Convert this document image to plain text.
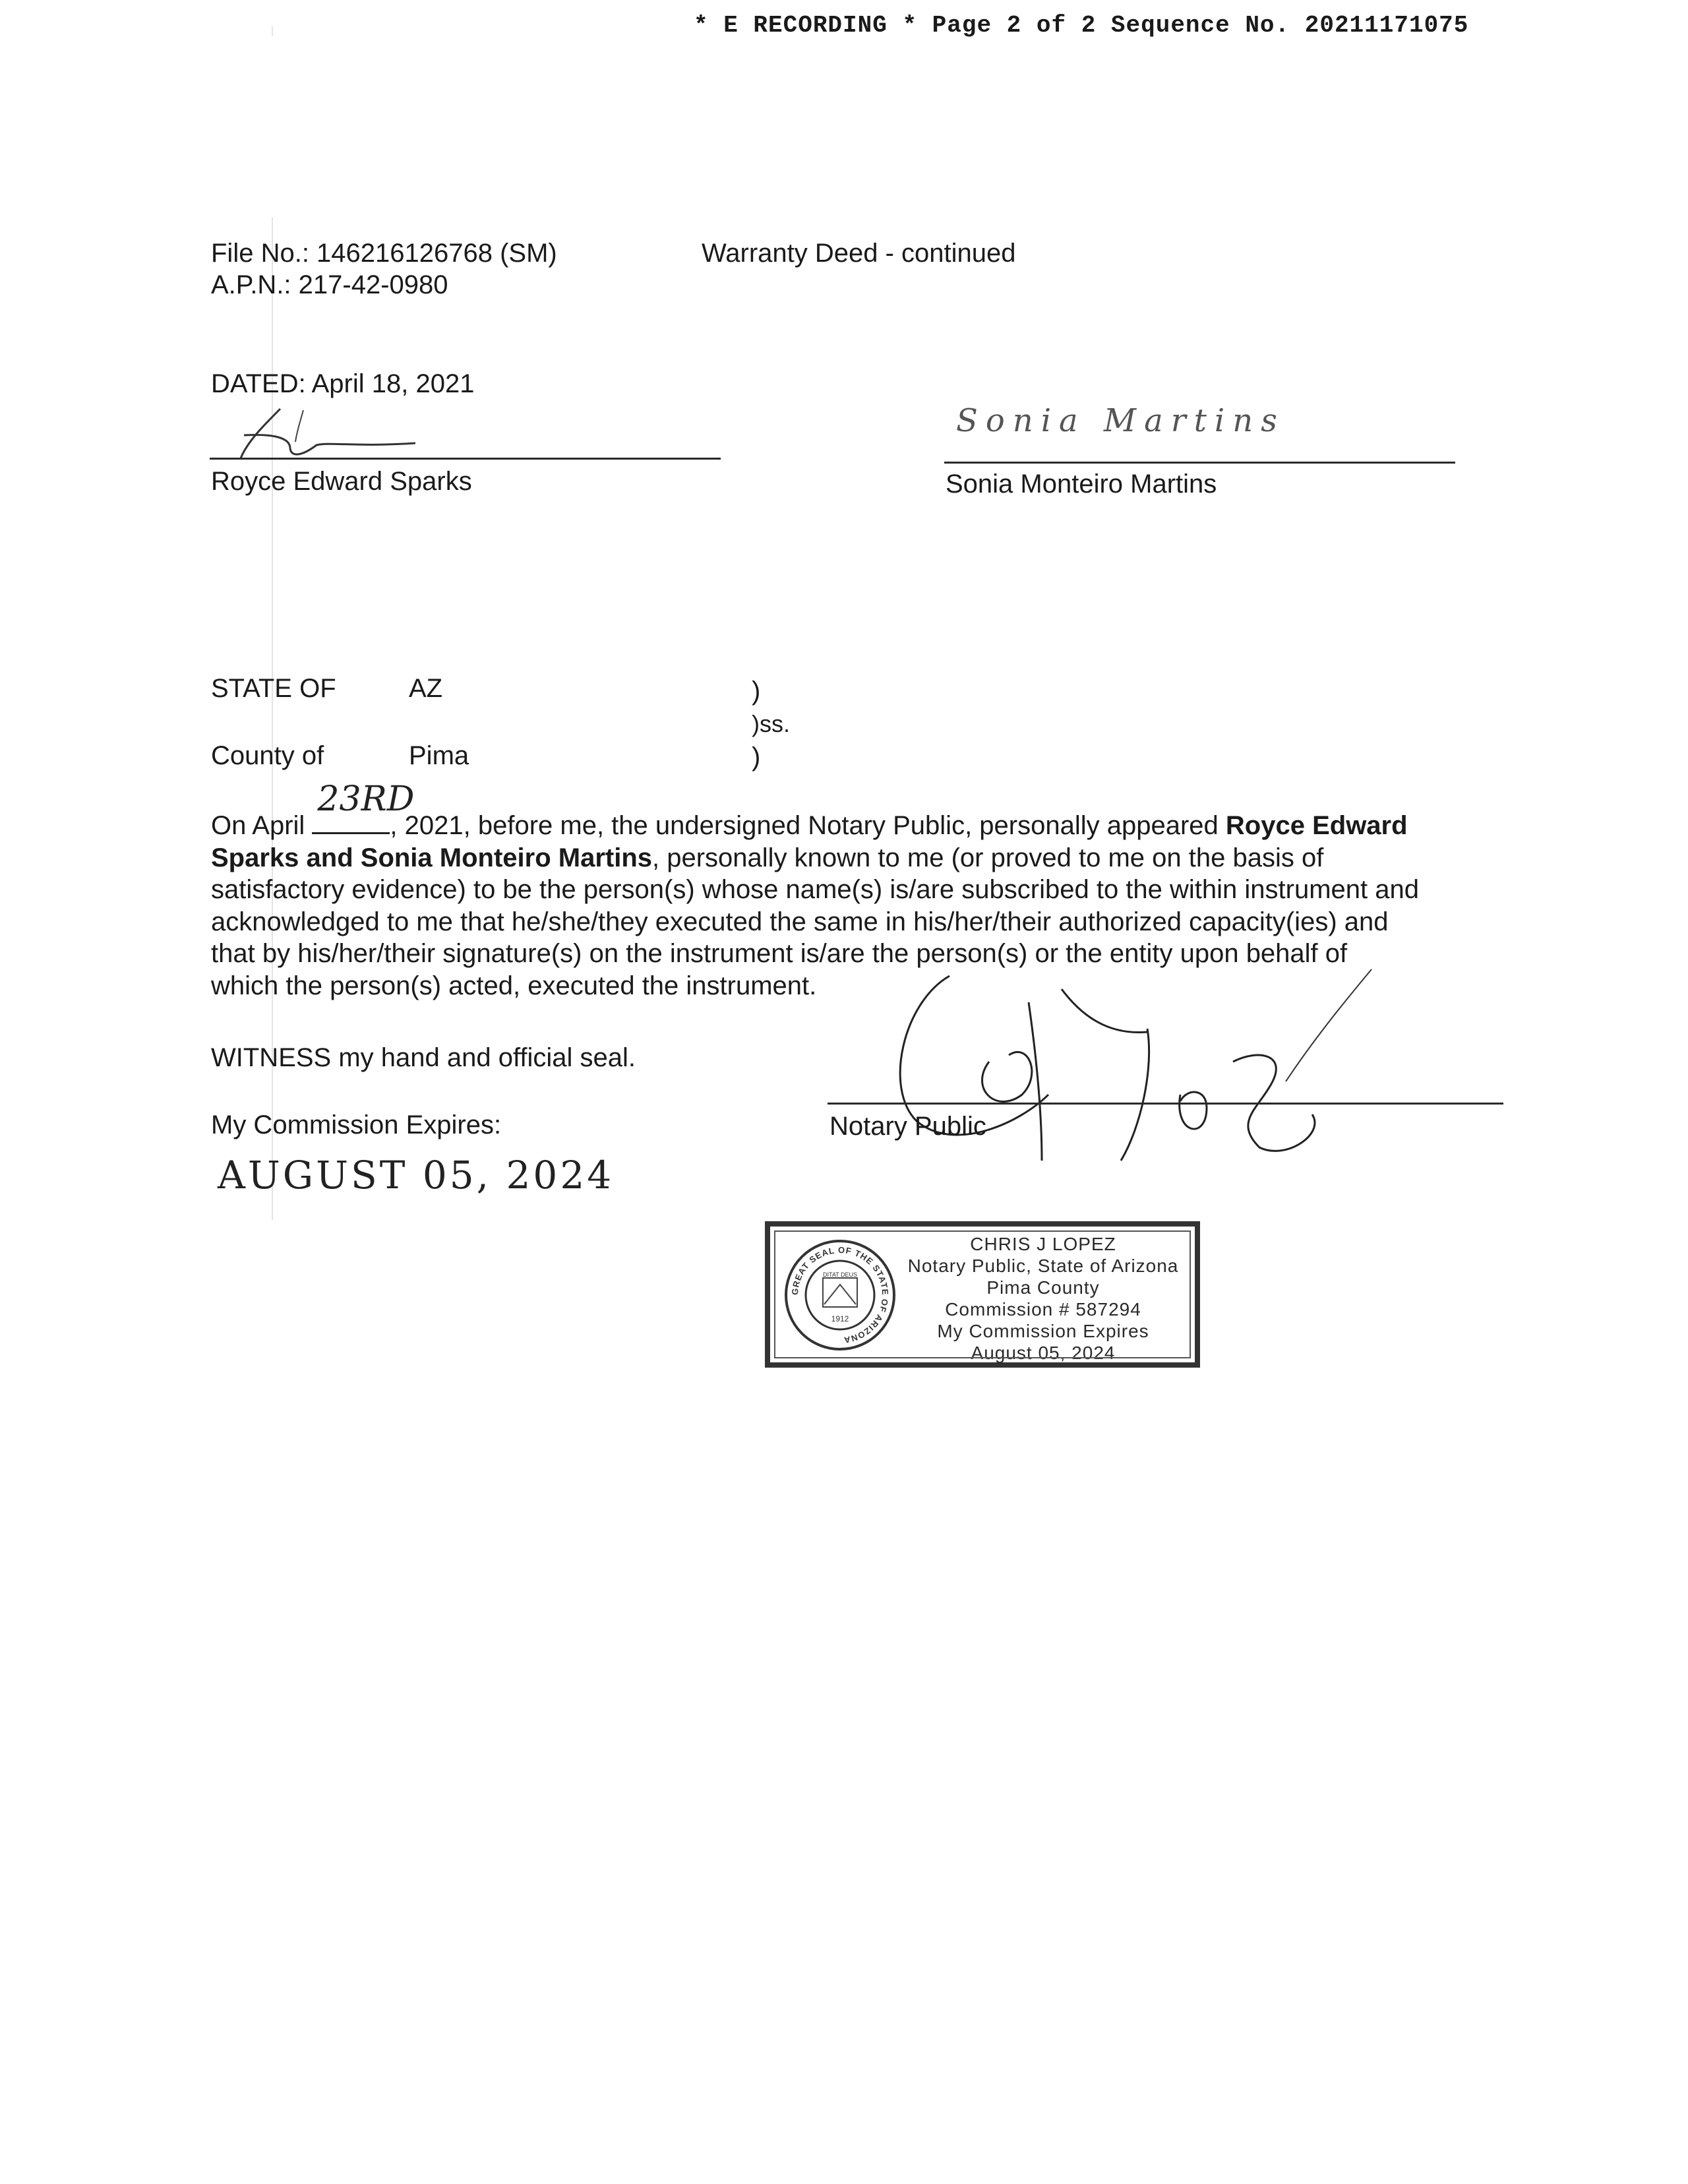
* E RECORDING * Page 2 of 2 Sequence No. 20211171075
File No.: 146216126768 (SM)
A.P.N.: 217-42-0980
Warranty Deed - continued
DATED: April 18, 2021
Royce Edward Sparks
Sonia Martins
Sonia Monteiro Martins
STATE OF	AZ
County of	Pima
)
)ss.
)

On April
23RD
, 2021, before me, the undersigned Notary Public, personally appeared Royce Edward

Sparks and Sonia Monteiro Martins, personally known to me (or proved to me on the basis of

satisfactory evidence) to be the person(s) whose name(s) is/are subscribed to the within instrument and

acknowledged to me that he/she/they executed the same in his/her/their authorized capacity(ies) and

that by his/her/their signature(s) on the instrument is/are the person(s) or the entity upon behalf of

which the person(s) acted, executed the instrument.

WITNESS my hand and official seal.
My Commission Expires:
AUGUST 05, 2024
Notary Public
GREAT SEAL OF THE STATE OF ARIZONA
DITAT DEUS
1912
CHRIS J LOPEZ
Notary Public, State of Arizona
Pima County
Commission # 587294
My Commission Expires
August 05, 2024
